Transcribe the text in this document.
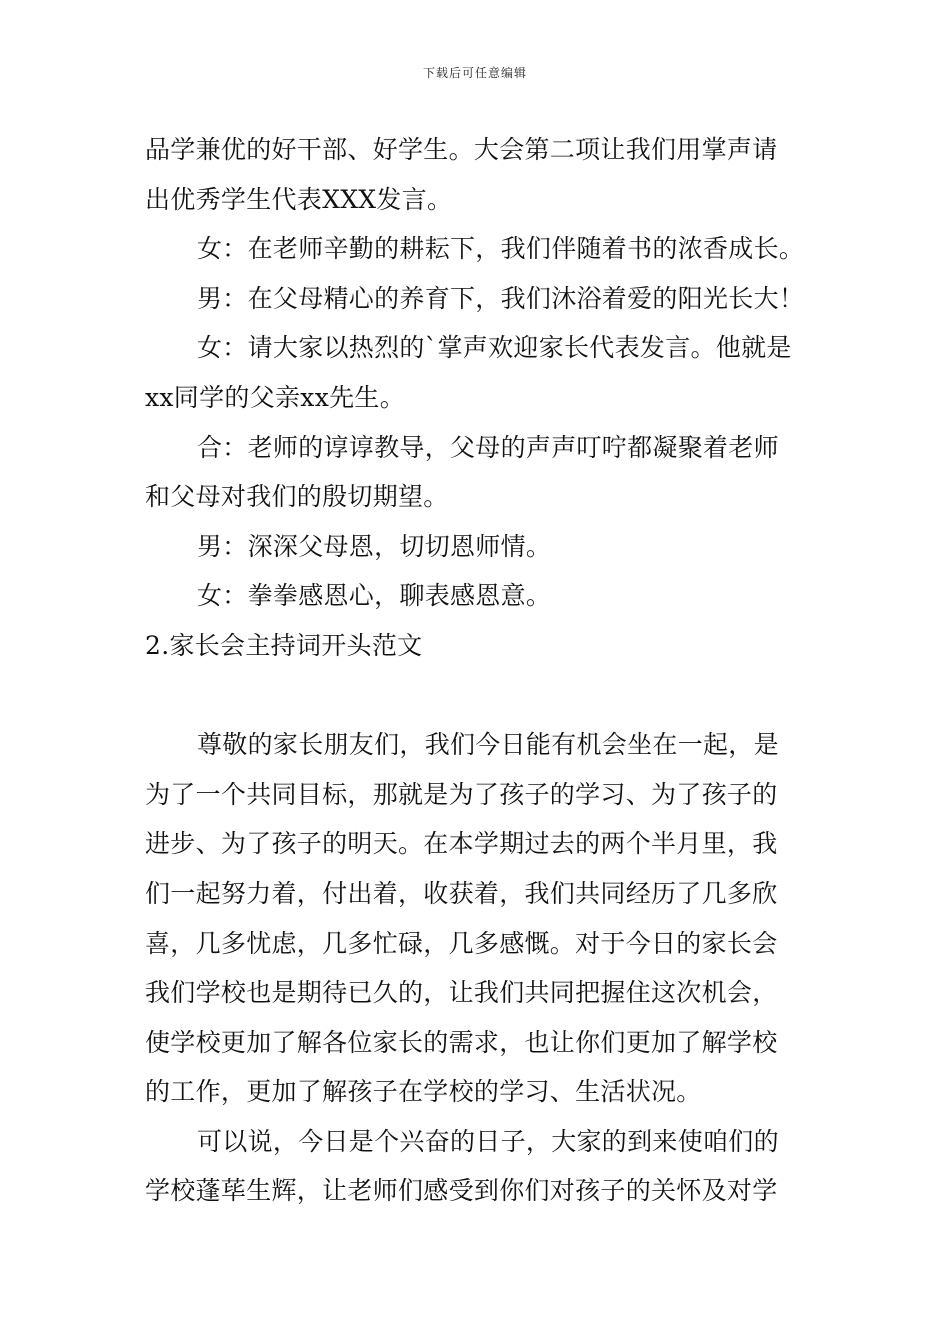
下载后可任意编辑
品学兼优的好干部、好学生。大会第二项让我们用掌声请
出优秀学生代表XXX发言。
女：在老师辛勤的耕耘下，我们伴随着书的浓香成长。
男：在父母精心的养育下，我们沐浴着爱的阳光长大！
女：请大家以热烈的`掌声欢迎家长代表发言。他就是
xx同学的父亲xx先生。
合：老师的谆谆教导，父母的声声叮咛都凝聚着老师
和父母对我们的殷切期望。
男：深深父母恩，切切恩师情。
女：拳拳感恩心，聊表感恩意。
2.家长会主持词开头范文
尊敬的家长朋友们，我们今日能有机会坐在一起，是
为了一个共同目标，那就是为了孩子的学习、为了孩子的
进步、为了孩子的明天。在本学期过去的两个半月里，我
们一起努力着，付出着，收获着，我们共同经历了几多欣
喜，几多忧虑，几多忙碌，几多感慨。对于今日的家长会
我们学校也是期待已久的，让我们共同把握住这次机会，
使学校更加了解各位家长的需求，也让你们更加了解学校
的工作，更加了解孩子在学校的学习、生活状况。
可以说，今日是个兴奋的日子，大家的到来使咱们的
学校蓬荜生辉，让老师们感受到你们对孩子的关怀及对学
